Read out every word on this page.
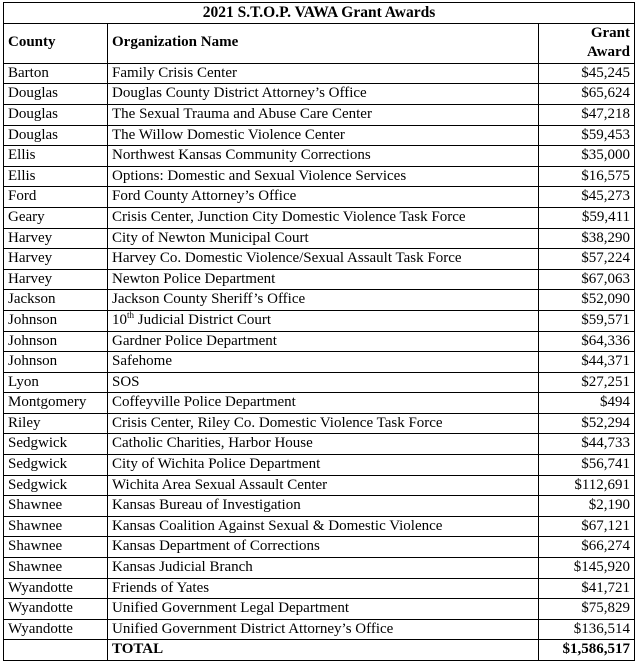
2021 S.T.O.P. VAWA Grant Awards		
County	Organization Name	Grant
Award
Barton	Family Crisis Center	$45,245
Douglas	Douglas County District Attorney’s Office	$65,624
Douglas	The Sexual Trauma and Abuse Care Center	$47,218
Douglas	The Willow Domestic Violence Center	$59,453
Ellis	Northwest Kansas Community Corrections	$35,000
Ellis	Options: Domestic and Sexual Violence Services	$16,575
Ford	Ford County Attorney’s Office	$45,273
Geary	Crisis Center, Junction City Domestic Violence Task Force	$59,411
Harvey	City of Newton Municipal Court	$38,290
Harvey	Harvey Co. Domestic Violence/Sexual Assault Task Force	$57,224
Harvey	Newton Police Department	$67,063
Jackson	Jackson County Sheriff’s Office	$52,090
Johnson	10th Judicial District Court	$59,571
Johnson	Gardner Police Department	$64,336
Johnson	Safehome	$44,371
Lyon	SOS	$27,251
Montgomery	Coffeyville Police Department	$494
Riley	Crisis Center, Riley Co. Domestic Violence Task Force	$52,294
Sedgwick	Catholic Charities, Harbor House	$44,733
Sedgwick	City of Wichita Police Department	$56,741
Sedgwick	Wichita Area Sexual Assault Center	$112,691
Shawnee	Kansas Bureau of Investigation	$2,190
Shawnee	Kansas Coalition Against Sexual & Domestic Violence	$67,121
Shawnee	Kansas Department of Corrections	$66,274
Shawnee	Kansas Judicial Branch	$145,920
Wyandotte	Friends of Yates	$41,721
Wyandotte	Unified Government Legal Department	$75,829
Wyandotte	Unified Government District Attorney’s Office	$136,514
	TOTAL	$1,586,517
